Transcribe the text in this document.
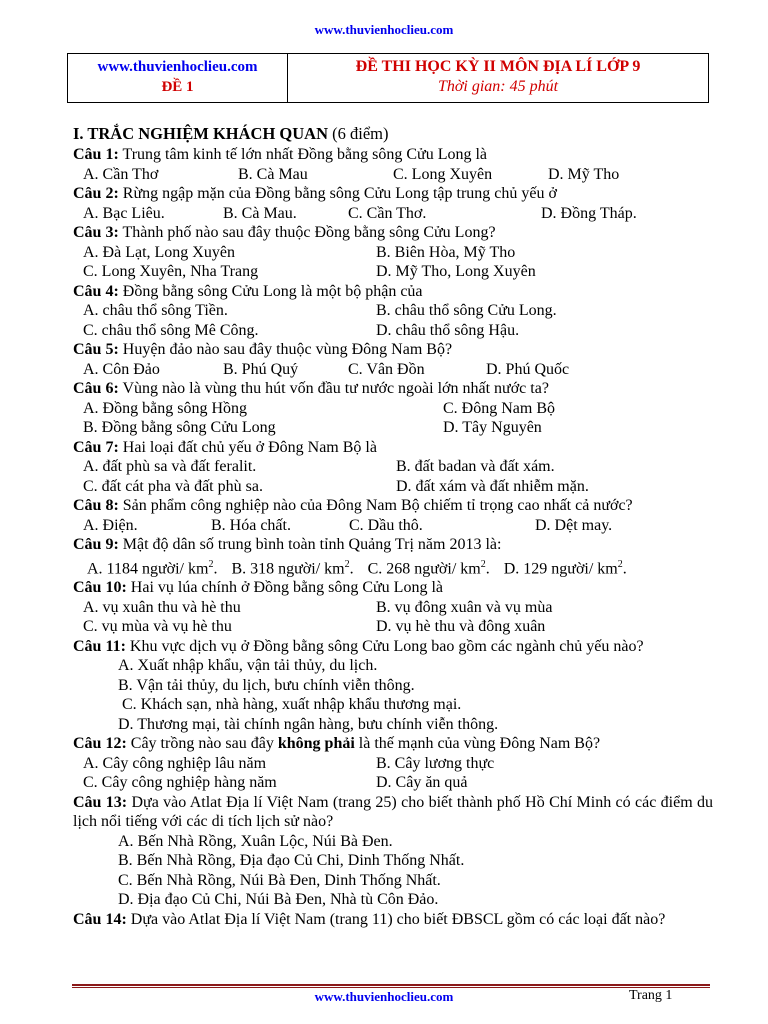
www.thuvienhoclieu.com
www.thuvienhoclieu.com
ĐỀ 1
ĐỀ THI HỌC KỲ II MÔN ĐỊA LÍ LỚP 9
Thời gian: 45 phút
I. TRẮC NGHIỆM KHÁCH QUAN (6 điểm)
Câu 1: Trung tâm kinh tế lớn nhất Đồng bằng sông Cửu Long là
A. Cần Thơ	B. Cà Mau	C. Long Xuyên	D. Mỹ Tho
Câu 2: Rừng ngập mặn của Đồng bằng sông Cửu Long tập trung chủ yếu ở
A. Bạc Liêu.	B. Cà Mau.	C. Cần Thơ.	D. Đồng Tháp.
Câu 3: Thành phố nào sau đây thuộc Đồng bằng sông Cửu Long?
A. Đà Lạt, Long Xuyên	B. Biên Hòa, Mỹ Tho
C. Long Xuyên, Nha Trang	D. Mỹ Tho, Long Xuyên
Câu 4: Đồng bằng sông Cửu Long là một bộ phận của
A. châu thổ sông Tiền.	B. châu thổ sông Cửu Long.
C. châu thổ sông Mê Công.	D. châu thổ sông Hậu.
Câu 5: Huyện đảo nào sau đây thuộc vùng Đông Nam Bộ?
A. Côn Đảo	B. Phú Quý	C. Vân Đồn	D. Phú Quốc
Câu 6: Vùng nào là vùng thu hút vốn đầu tư nước ngoài lớn nhất nước ta?
A. Đồng bằng sông Hồng	C. Đông Nam Bộ
B. Đồng bằng sông Cửu Long	D. Tây Nguyên
Câu 7: Hai loại đất chủ yếu ở Đông Nam Bộ là
A. đất phù sa và đất feralit.	B. đất badan và đất xám.
C. đất cát pha và đất phù sa.	D. đất xám và đất nhiễm mặn.
Câu 8: Sản phẩm công nghiệp nào của Đông Nam Bộ chiếm tỉ trọng cao nhất cả nước?
A. Điện.	B. Hóa chất.	C. Dầu thô.	D. Dệt may.
Câu 9: Mật độ dân số trung bình toàn tỉnh Quảng Trị năm 2013 là:
A. 1184 người/ $km^2$. B. 318 người/ $km^2$. C. 268 người/ $km^2$. D. 129 người/ $km^2$.
Câu 10: Hai vụ lúa chính ở Đồng bằng sông Cửu Long là
A. vụ xuân thu và hè thu	B. vụ đông xuân và vụ mùa
C. vụ mùa và vụ hè thu	D. vụ hè thu và đông xuân
Câu 11: Khu vực dịch vụ ở Đồng bằng sông Cửu Long bao gồm các ngành chủ yếu nào?
A. Xuất nhập khẩu, vận tải thủy, du lịch.
B. Vận tải thủy, du lịch, bưu chính viễn thông.
C. Khách sạn, nhà hàng, xuất nhập khẩu thương mại.
D. Thương mại, tài chính ngân hàng, bưu chính viễn thông.
Câu 12: Cây trồng nào sau đây không phải là thế mạnh của vùng Đông Nam Bộ?
A. Cây công nghiệp lâu năm	B. Cây lương thực
C. Cây công nghiệp hàng năm	D. Cây ăn quả
Câu 13: Dựa vào Atlat Địa lí Việt Nam (trang 25) cho biết thành phố Hồ Chí Minh có các điểm du lịch nổi tiếng với các di tích lịch sử nào?
A. Bến Nhà Rồng, Xuân Lộc, Núi Bà Đen.
B. Bến Nhà Rồng, Địa đạo Củ Chi, Dinh Thống Nhất.
C. Bến Nhà Rồng, Núi Bà Đen, Dinh Thống Nhất.
D. Địa đạo Củ Chi, Núi Bà Đen, Nhà tù Côn Đảo.
Câu 14: Dựa vào Atlat Địa lí Việt Nam (trang 11) cho biết ĐBSCL gồm có các loại đất nào?
www.thuvienhoclieu.com	Trang 1
